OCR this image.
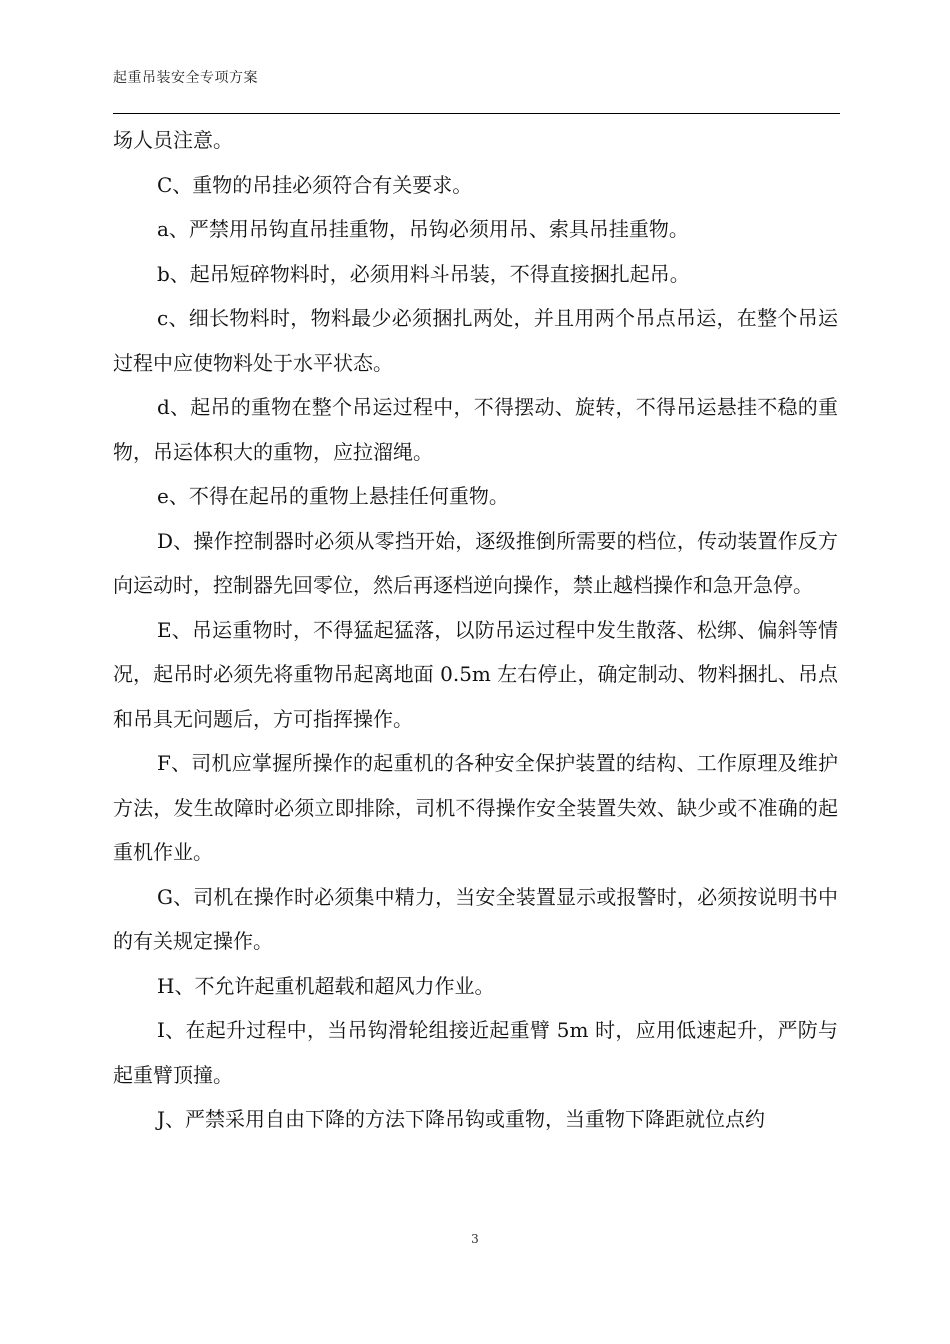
起重吊装安全专项方案

场人员注意。

C、重物的吊挂必须符合有关要求。

a、严禁用吊钩直吊挂重物，吊钩必须用吊、索具吊挂重物。

b、起吊短碎物料时，必须用料斗吊装，不得直接捆扎起吊。

c、细长物料时，物料最少必须捆扎两处，并且用两个吊点吊运，在整个吊运过程中应使物料处于水平状态。

d、起吊的重物在整个吊运过程中，不得摆动、旋转，不得吊运悬挂不稳的重物，吊运体积大的重物，应拉溜绳。

e、不得在起吊的重物上悬挂任何重物。

D、操作控制器时必须从零挡开始，逐级推倒所需要的档位，传动装置作反方向运动时，控制器先回零位，然后再逐档逆向操作，禁止越档操作和急开急停。

E、吊运重物时，不得猛起猛落，以防吊运过程中发生散落、松绑、偏斜等情况，起吊时必须先将重物吊起离地面 0.5m 左右停止，确定制动、物料捆扎、吊点和吊具无问题后，方可指挥操作。

F、司机应掌握所操作的起重机的各种安全保护装置的结构、工作原理及维护方法，发生故障时必须立即排除，司机不得操作安全装置失效、缺少或不准确的起重机作业。

G、司机在操作时必须集中精力，当安全装置显示或报警时，必须按说明书中的有关规定操作。

H、不允许起重机超载和超风力作业。

I、在起升过程中，当吊钩滑轮组接近起重臂 5m 时，应用低速起升，严防与起重臂顶撞。

J、严禁采用自由下降的方法下降吊钩或重物，当重物下降距就位点约

3
